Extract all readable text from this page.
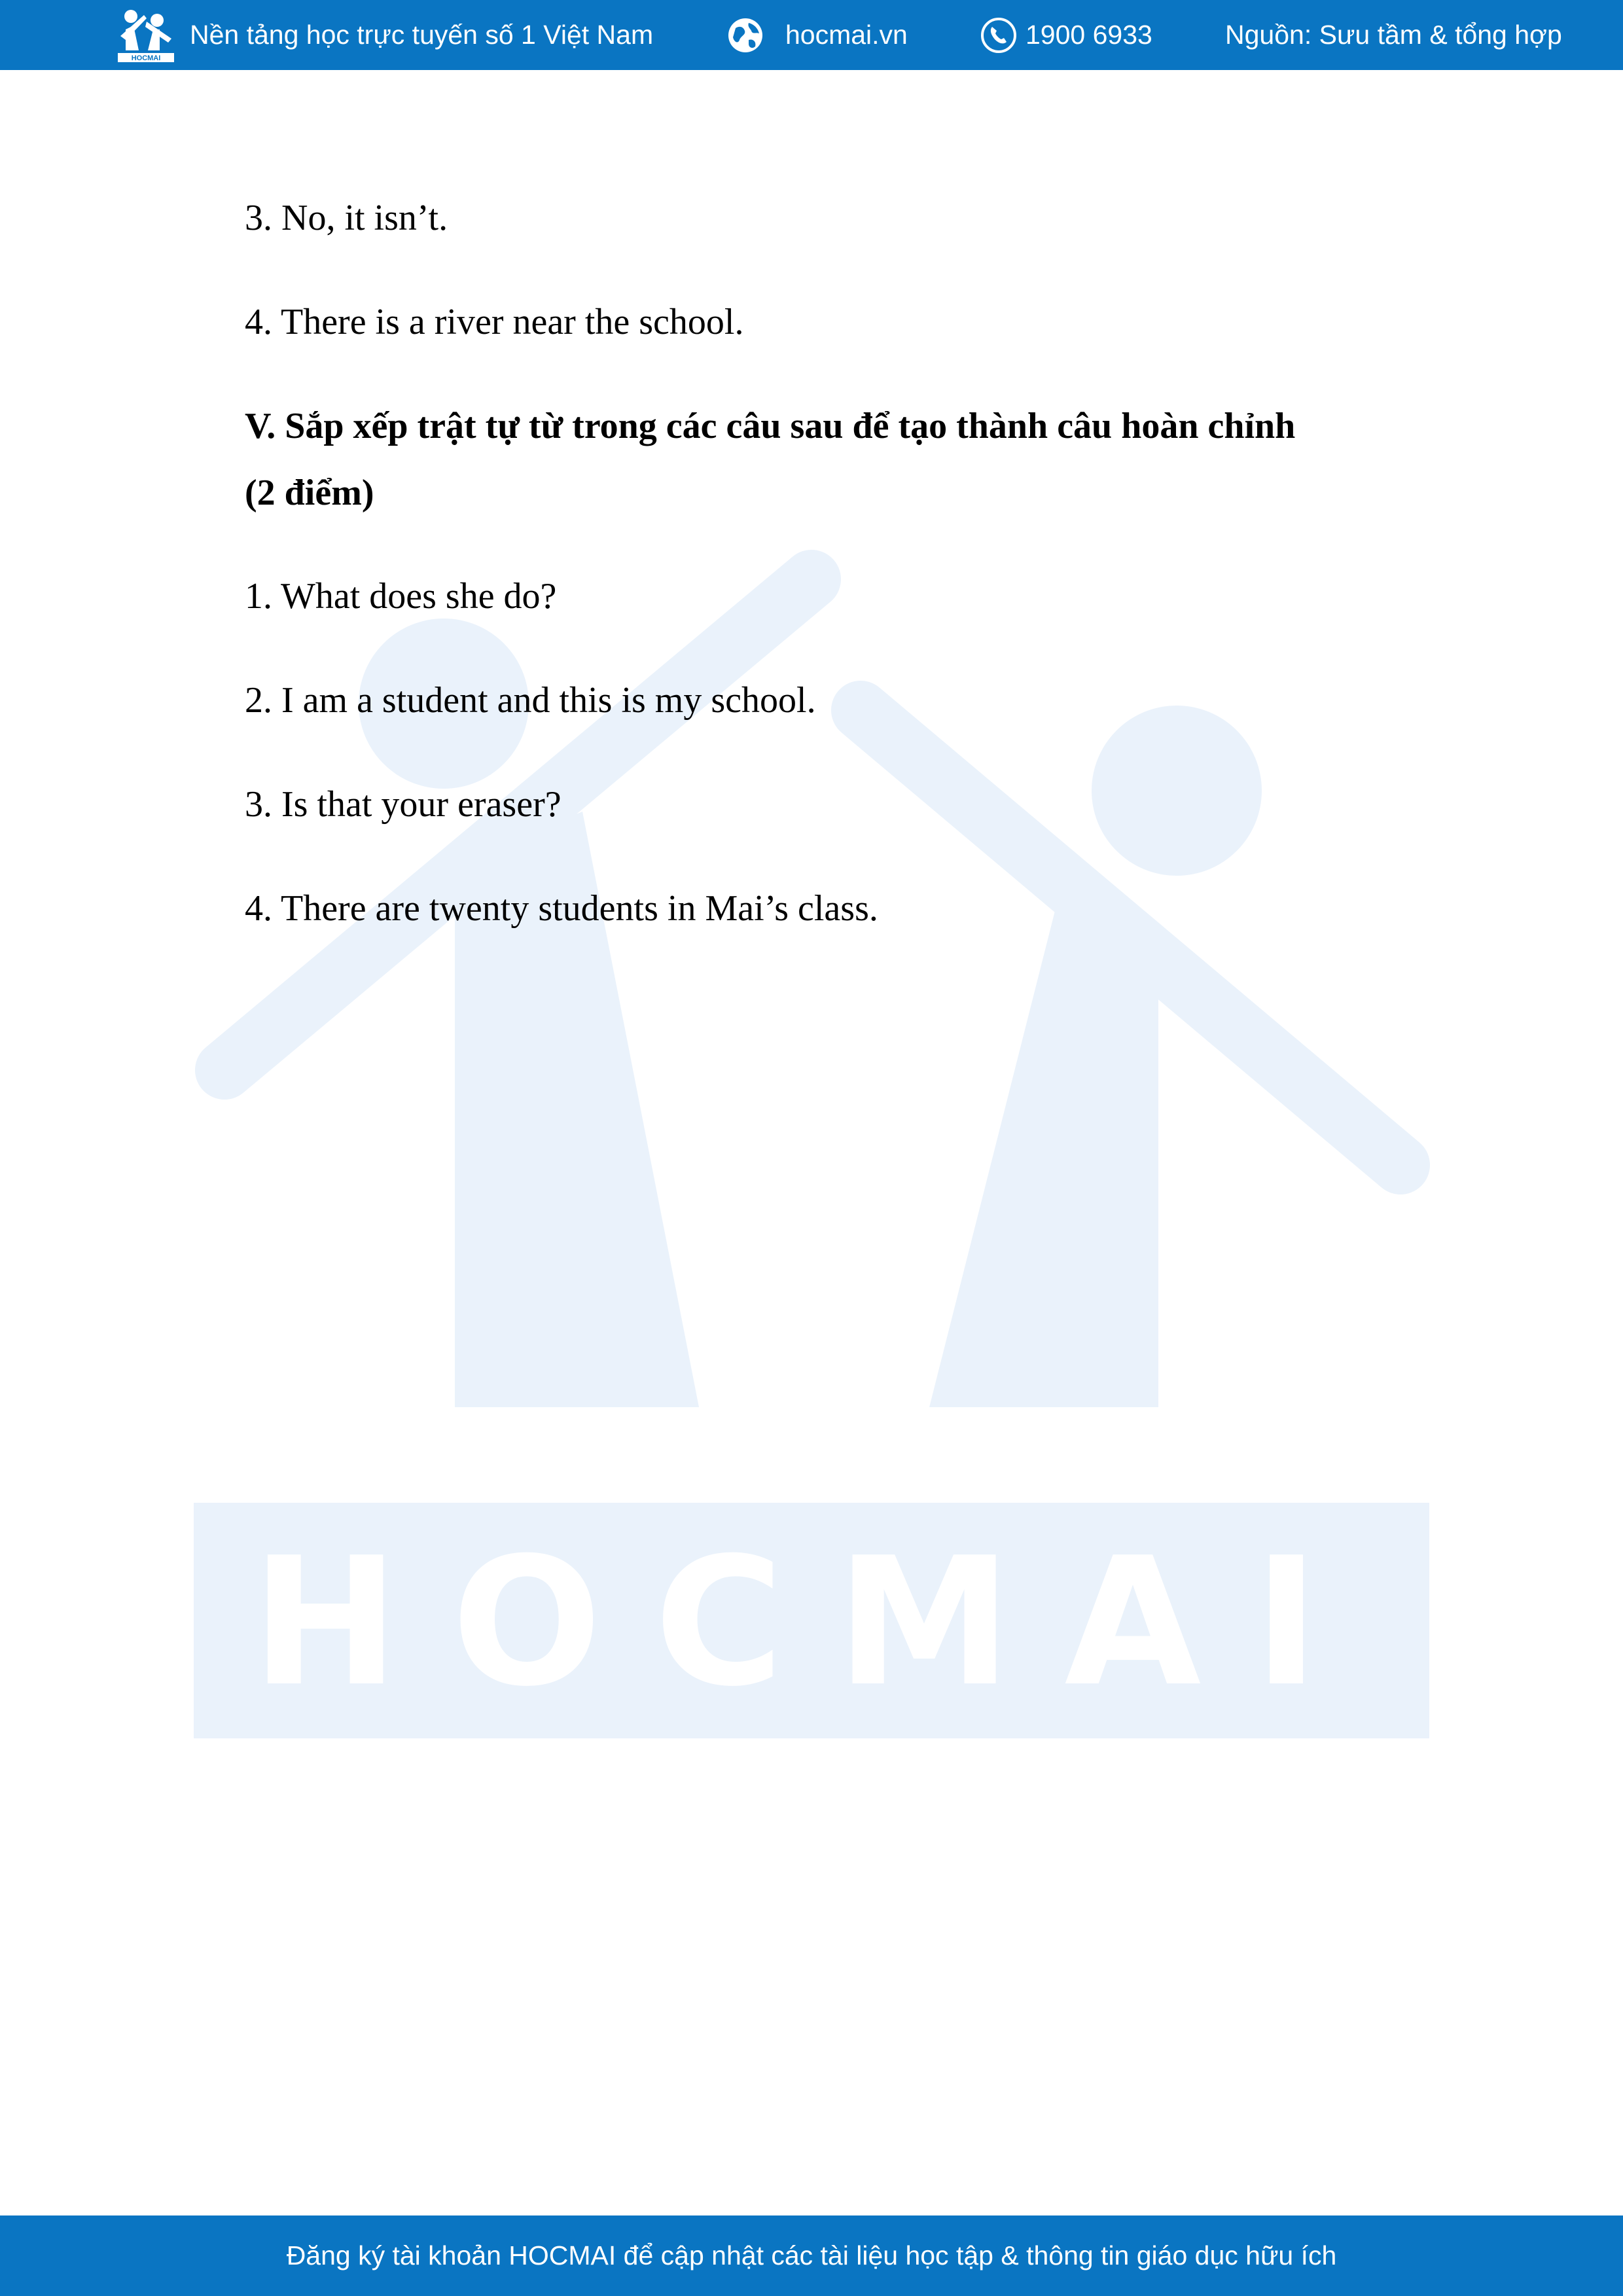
HOCMAI
Nền tảng học trực tuyến số 1 Việt Nam	hocmai.vn	1900 6933	Nguồn: Sưu tầm & tổng hợp
HOCMAI
3. No, it isn’t.
4. There is a river near the school.
V. Sắp xếp trật tự từ trong các câu sau để tạo thành câu hoàn chỉnh
(2 điểm)
1. What does she do?
2. I am a student and this is my school.
3. Is that your eraser?
4. There are twenty students in Mai’s class.
Đăng ký tài khoản HOCMAI để cập nhật các tài liệu học tập & thông tin giáo dục hữu ích
